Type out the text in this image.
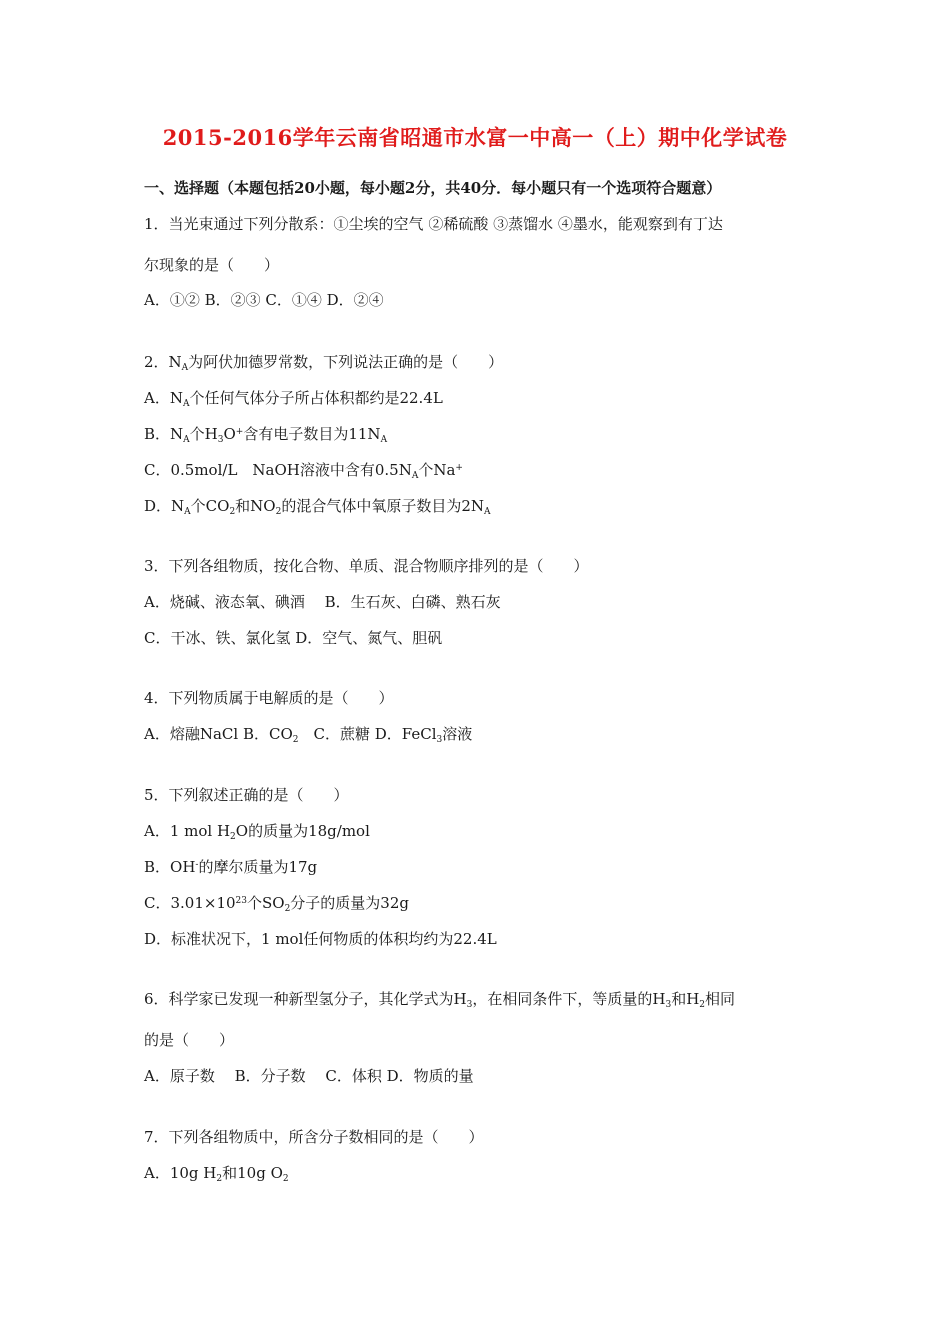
2015-2016学年云南省昭通市水富一中高一（上）期中化学试卷
一、选择题（本题包括20小题，每小题2分，共40分．每小题只有一个选项符合题意）
1．当光束通过下列分散系：①尘埃的空气 ②稀硫酸 ③蒸馏水 ④墨水，能观察到有丁达
尔现象的是（　　）
A．①② B．②③ C．①④ D．②④
2．$N_A$为阿伏加德罗常数，下列说法正确的是（　　）
A．$N_A$个任何气体分子所占体积都约是22.4L
B．$N_A$个$H_3O^+$含有电子数目为$11N_A$
C．0.5mol/L　NaOH溶液中含有$0.5N_A$个Na+
D．$N_A$个$CO_2$和$NO_2$的混合气体中氧原子数目为$2N_A$
3．下列各组物质，按化合物、单质、混合物顺序排列的是（　　）
A．烧碱、液态氧、碘酒　 B．生石灰、白磷、熟石灰
C．干冰、铁、氯化氢 D．空气、氮气、胆矾
4．下列物质属于电解质的是（　　）
A．熔融NaCl B．$CO_2$　C．蔗糖 D．FeCl$_3$溶液
5．下列叙述正确的是（　　）
A．1 mol $H_2O$的质量为18g/mol
B．OH-的摩尔质量为17g
C．$3.01\times 10^{23}$个$SO_2$分子的质量为32g
D．标准状况下，1 mol任何物质的体积均约为22.4L
6．科学家已发现一种新型氢分子，其化学式为$H_3$，在相同条件下，等质量的$H_3$和$H_2$相同
的是（　　）
A．原子数　 B．分子数　 C．体积 D．物质的量
7．下列各组物质中，所含分子数相同的是（　　）
A．10g $H_2$和10g $O_2$
